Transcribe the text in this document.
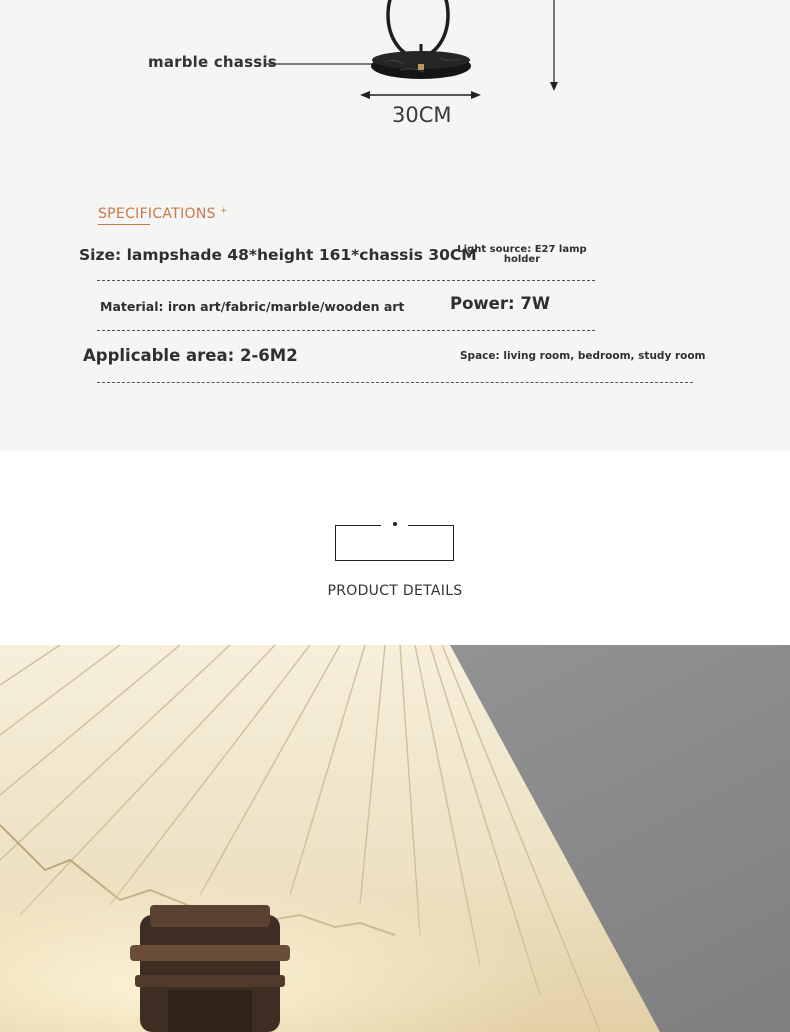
marble chassis
30CM
SPECIFICATIONS +
Size: lampshade 48*height 161*chassis 30CM
Light source: E27 lamp holder
Material: iron art/fabric/marble/wooden art	Power: 7W
Applicable area: 2-6M2	Space: living room, bedroom, study room
PRODUCT DETAILS
